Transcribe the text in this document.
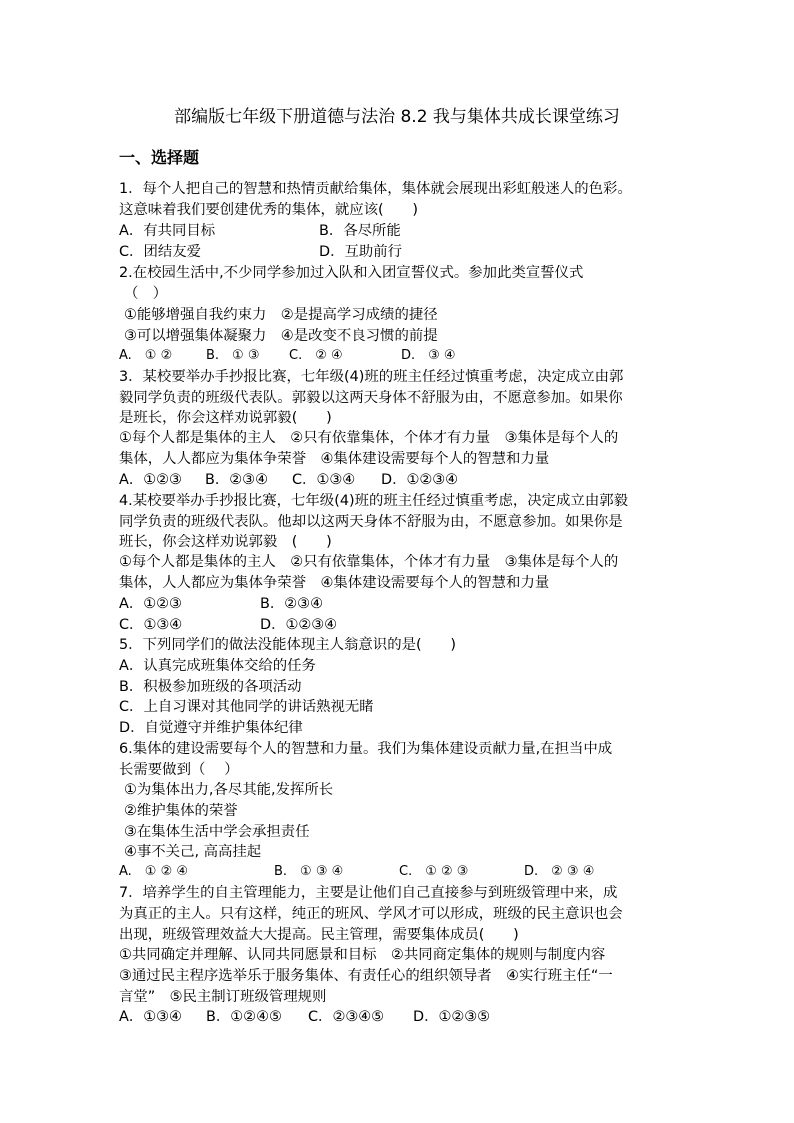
部编版七年级下册道德与法治 8.2 我与集体共成长课堂练习
一、选择题
1．每个人把自己的智慧和热情贡献给集体，集体就会展现出彩虹般迷人的色彩。
这意味着我们要创建优秀的集体，就应该(　　)
A．有共同目标	B．各尽所能
C．团结友爱	D．互助前行
2.在校园生活中,不少同学参加过入队和入团宣誓仪式。参加此类宣誓仪式
（　）
①能够增强自我约束力　②是提高学习成绩的捷径
③可以增强集体凝聚力　④是改变不良习惯的前提
A.　① ②	B.　① ③ C.　② ④	D.　③ ④
3．某校要举办手抄报比赛，七年级(4)班的班主任经过慎重考虑，决定成立由郭
毅同学负责的班级代表队。郭毅以这两天身体不舒服为由，不愿意参加。如果你
是班长，你会这样劝说郭毅(　　)
①每个人都是集体的主人　②只有依靠集体，个体才有力量　③集体是每个人的
集体，人人都应为集体争荣誉　④集体建设需要每个人的智慧和力量
A．①②③ B．②③④ C．①③④ D．①②③④
4.某校要举办手抄报比赛，七年级(4)班的班主任经过慎重考虑，决定成立由郭毅
同学负责的班级代表队。他却以这两天身体不舒服为由，不愿意参加。如果你是
班长，你会这样劝说郭毅　(　　)
①每个人都是集体的主人　②只有依靠集体，个体才有力量　③集体是每个人的
集体，人人都应为集体争荣誉　④集体建设需要每个人的智慧和力量
A．①②③	B．②③④
C．①③④	D．①②③④
5．下列同学们的做法没能体现主人翁意识的是(　　)
A．认真完成班集体交给的任务
B．积极参加班级的各项活动
C．上自习课对其他同学的讲话熟视无睹
D．自觉遵守并维护集体纪律
6.集体的建设需要每个人的智慧和力量。我们为集体建设贡献力量,在担当中成
长需要做到（　 ）
①为集体出力,各尽其能,发挥所长
②维护集体的荣誉
③在集体生活中学会承担责任
④事不关己, 高高挂起
A.　① ② ④	B.　① ③ ④	C.　① ② ③	D.　② ③ ④
7．培养学生的自主管理能力，主要是让他们自己直接参与到班级管理中来，成
为真正的主人。只有这样，纯正的班风、学风才可以形成，班级的民主意识也会
出现，班级管理效益大大提高。民主管理，需要集体成员(　　)
①共同确定并理解、认同共同愿景和目标　②共同商定集体的规则与制度内容
③通过民主程序选举乐于服务集体、有责任心的组织领导者　④实行班主任“一
言堂”　⑤民主制订班级管理规则
A．①③④ B．①②④⑤ C．②③④⑤ D．①②③⑤
